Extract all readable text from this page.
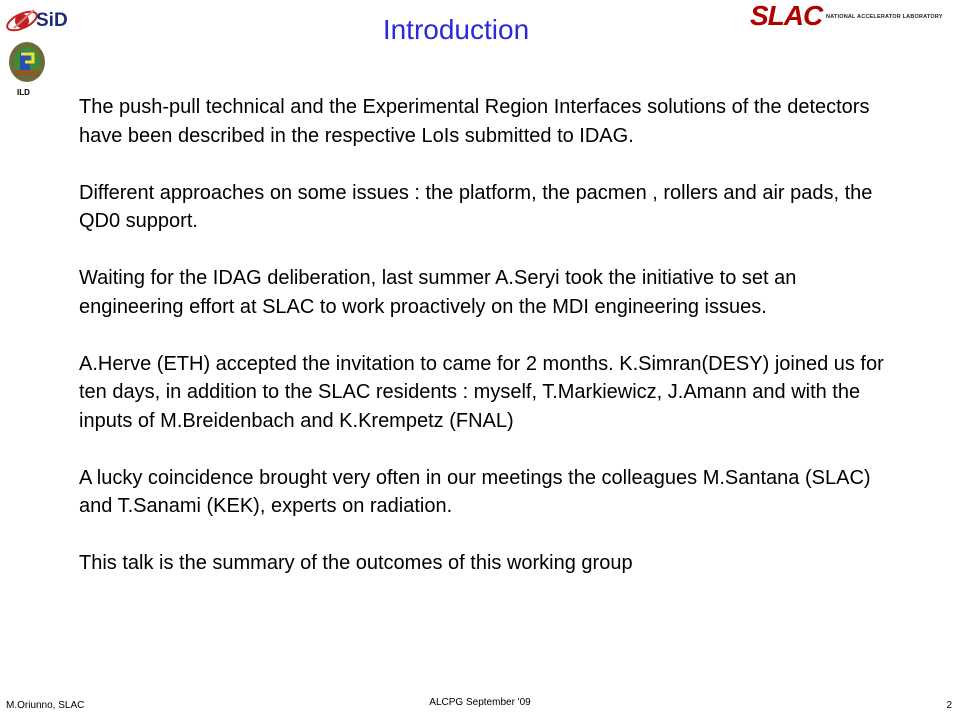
SiD
ILD
Introduction	SLAC NATIONAL ACCELERATOR LABORATORY

The push-pull technical and the Experimental Region Interfaces solutions of the detectors have been described in the respective LoIs submitted to IDAG.

Different approaches on some issues : the platform, the pacmen , rollers and air pads, the QD0 support.

Waiting for the IDAG deliberation, last summer A.Seryi took the initiative to set an engineering effort at SLAC to work proactively on the MDI engineering issues.

A.Herve (ETH) accepted the invitation to came for 2 months. K.Simran(DESY) joined us for ten days, in addition to the SLAC residents : myself, T.Markiewicz, J.Amann and with the inputs of M.Breidenbach and K.Krempetz (FNAL)

A lucky coincidence brought very often in our meetings the colleagues M.Santana (SLAC) and T.Sanami (KEK), experts on radiation.

This talk is the summary of the outcomes of this working group

M.Oriunno, SLAC	ALCPG September '09	2
